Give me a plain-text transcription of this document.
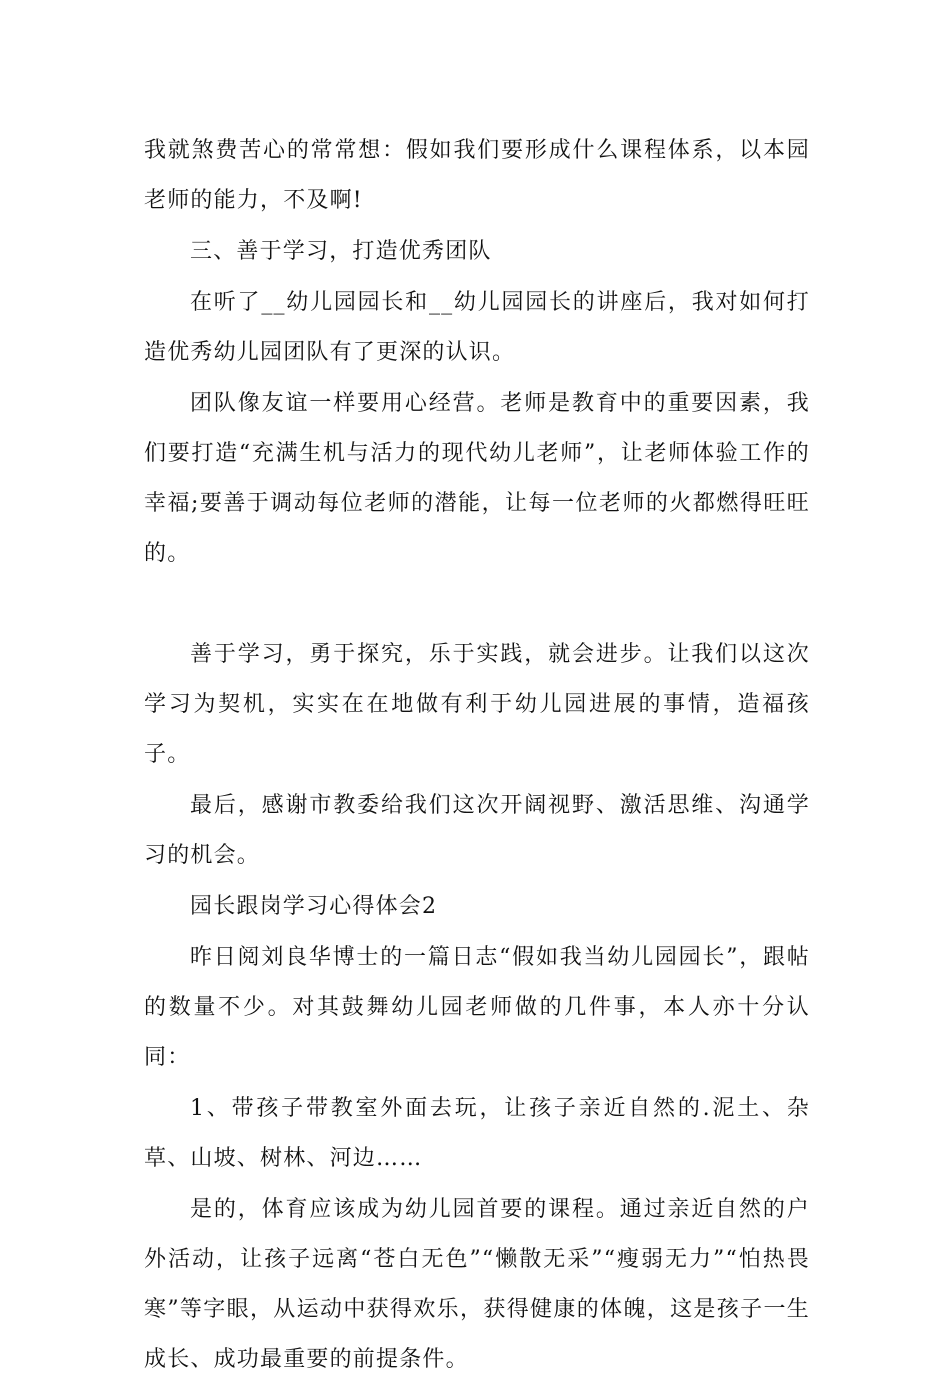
我就煞费苦心的常常想：假如我们要形成什么课程体系，以本园老师的能力，不及啊!

三、善于学习，打造优秀团队

在听了__幼儿园园长和__幼儿园园长的讲座后，我对如何打造优秀幼儿园团队有了更深的认识。

团队像友谊一样要用心经营。老师是教育中的重要因素，我们要打造“充满生机与活力的现代幼儿老师”，让老师体验工作的幸福;要善于调动每位老师的潜能，让每一位老师的火都燃得旺旺的。

善于学习，勇于探究，乐于实践，就会进步。让我们以这次学习为契机，实实在在地做有利于幼儿园进展的事情，造福孩子。

最后，感谢市教委给我们这次开阔视野、激活思维、沟通学习的机会。

园长跟岗学习心得体会2

昨日阅刘良华博士的一篇日志“假如我当幼儿园园长”，跟帖的数量不少。对其鼓舞幼儿园老师做的几件事，本人亦十分认同：

1、带孩子带教室外面去玩，让孩子亲近自然的.泥土、杂草、山坡、树林、河边……

是的，体育应该成为幼儿园首要的课程。通过亲近自然的户外活动，让孩子远离“苍白无色”“懒散无采”“瘦弱无力”“怕热畏寒”等字眼，从运动中获得欢乐，获得健康的体魄，这是孩子一生成长、成功最重要的前提条件。
